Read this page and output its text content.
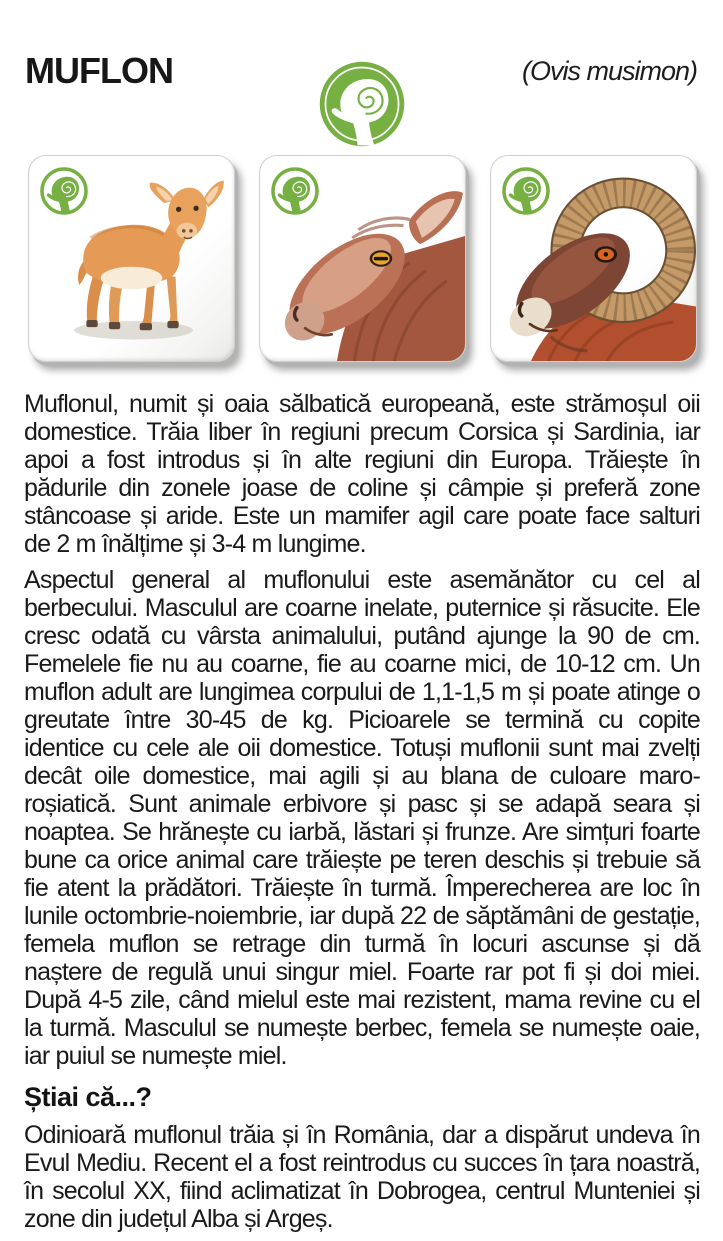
MUFLON	(Ovis musimon)

Muflonul, numit și oaia sălbatică europeană, este strămoșul oii domestice. Trăia liber în regiuni precum Corsica și Sardinia, iar apoi a fost introdus și în alte regiuni din Europa. Trăiește în pădurile din zonele joase de coline și câmpie și preferă zone stâncoase și aride. Este un mamifer agil care poate face salturi de 2 m înălțime și 3-4 m lungime.

Aspectul general al muflonului este asemănător cu cel al berbecului. Masculul are coarne inelate, puternice și răsucite. Ele cresc odată cu vârsta animalului, putând ajunge la 90 de cm. Femelele fie nu au coarne, fie au coarne mici, de 10-12 cm. Un muflon adult are lungimea corpului de 1,1-1,5 m și poate atinge o greutate între 30-45 de kg. Picioarele se termină cu copite identice cu cele ale oii domestice. Totuși muflonii sunt mai zvelți decât oile domestice, mai agili și au blana de culoare maro-roșiatică. Sunt animale erbivore și pasc și se adapă seara și noaptea. Se hrănește cu iarbă, lăstari și frunze. Are simțuri foarte bune ca orice animal care trăiește pe teren deschis și trebuie să fie atent la prădători. Trăiește în turmă. Împerecherea are loc în lunile octombrie-noiembrie, iar după 22 de săptămâni de gestație, femela muflon se retrage din turmă în locuri ascunse și dă naștere de regulă unui singur miel. Foarte rar pot fi și doi miei. După 4-5 zile, când mielul este mai rezistent, mama revine cu el la turmă. Masculul se numește berbec, femela se numește oaie, iar puiul se numește miel.

Știai că...?

Odinioară muflonul trăia și în România, dar a dispărut undeva în Evul Mediu. Recent el a fost reintrodus cu succes în țara noastră, în secolul XX, fiind aclimatizat în Dobrogea, centrul Munteniei și zone din județul Alba și Argeș.
